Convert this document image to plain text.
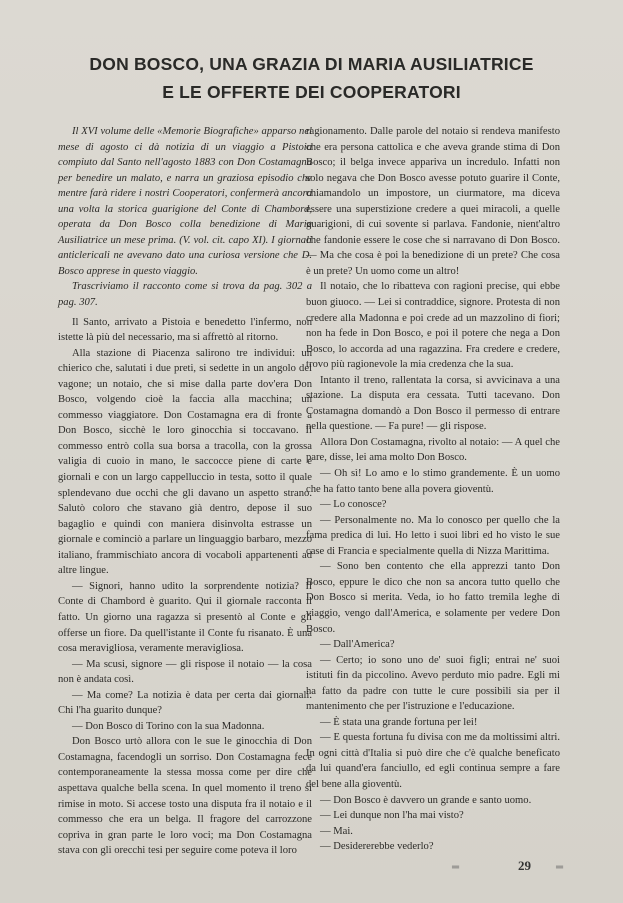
DON BOSCO, UNA GRAZIA DI MARIA AUSILIATRICE
E LE OFFERTE DEI COOPERATORI

Il XVI volume delle «Memorie Biografiche» apparso nel mese di agosto ci dà notizia di un viaggio a Pistoia compiuto dal Santo nell'agosto 1883 con Don Costamagna per benedire un malato, e narra un graziosa episodio che mentre farà ridere i nostri Cooperatori, confermerà ancora una volta la storica guarigione del Conte di Chambord, operata da Don Bosco colla benedizione di Maria Ausiliatrice un mese prima. (V. vol. cit. capo XI). I giornali anticlericali ne avevano dato una curiosa versione che D. Bosco apprese in questo viaggio.

Trascriviamo il racconto come si trova da pag. 302 a pag. 307.

Il Santo, arrivato a Pistoia e benedetto l'infermo, non istette là più del necessario, ma si affrettò al ritorno.

Alla stazione di Piacenza salirono tre individui: un chierico che, salutati i due preti, si sedette in un angolo del vagone; un notaio, che si mise dalla parte dov'era Don Bosco, volgendo cioè la faccia alla macchina; un commesso viaggiatore. Don Costamagna era di fronte a Don Bosco, sicchè le loro ginocchia si toccavano. Il commesso entrò colla sua borsa a tracolla, con la grossa valigia di cuoio in mano, le saccocce piene di carte e giornali e con un largo cappelluccio in testa, sotto il quale splendevano due occhi che gli davano un aspetto strano. Salutò coloro che stavano già dentro, depose il suo bagaglio e quindi con maniera disinvolta estrasse un giornale e cominciò a parlare un linguaggio barbaro, mezzo italiano, frammischiato ancora di vocaboli appartenenti ad altre lingue.

— Signori, hanno udito la sorprendente notizia? Il Conte di Chambord è guarito. Qui il giornale racconta il fatto. Un giorno una ragazza si presentò al Conte e gli offerse un fiore. Da quell'istante il Conte fu risanato. È una cosa meravigliosa, veramente meravigliosa.

— Ma scusi, signore — gli rispose il notaio — la cosa non è andata così.

— Ma come? La notizia è data per certa dai giornali. Chi l'ha guarito dunque?

— Don Bosco di Torino con la sua Madonna.

Don Bosco urtò allora con le sue le ginocchia di Don Costamagna, facendogli un sorriso. Don Costamagna fece contemporaneamente la stessa mossa come per dire che aspettava qualche bella scena. In quel momento il treno si rimise in moto. Si accese tosto una disputa fra il notaio e il commesso che era un belga. Il fragore del carrozzone copriva in gran parte le loro voci; ma Don Costamagna stava con gli orecchi tesi per seguire come poteva il loro

ragionamento. Dalle parole del notaio si rendeva manifesto che era persona cattolica e che aveva grande stima di Don Bosco; il belga invece appariva un incredulo. Infatti non solo negava che Don Bosco avesse potuto guarire il Conte, chiamandolo un impostore, un ciurmatore, ma diceva essere una superstizione credere a quei miracoli, a quelle guarigioni, di cui sovente si parlava. Fandonie, nient'altro che fandonie essere le cose che si narravano di Don Bosco. — Ma che cosa è poi la benedizione di un prete? Che cosa è un prete? Un uomo come un altro!

Il notaio, che lo ribatteva con ragioni precise, qui ebbe buon giuoco. — Lei si contraddice, signore. Protesta di non credere alla Madonna e poi crede ad un mazzolino di fiori; non ha fede in Don Bosco, e poi il potere che nega a Don Bosco, lo accorda ad una ragazzina. Fra credere e credere, trovo più ragionevole la mia credenza che la sua.

Intanto il treno, rallentata la corsa, si avvicinava a una stazione. La disputa era cessata. Tutti tacevano. Don Costamagna domandò a Don Bosco il permesso di entrare nella questione. — Fa pure! — gli rispose.

Allora Don Costamagna, rivolto al notaio: — A quel che pare, disse, lei ama molto Don Bosco.

— Oh sì! Lo amo e lo stimo grandemente. È un uomo che ha fatto tanto bene alla povera gioventù.

— Lo conosce?

— Personalmente no. Ma lo conosco per quello che la fama predica di lui. Ho letto i suoi libri ed ho visto le sue case di Francia e specialmente quella di Nizza Marittima.

— Sono ben contento che ella apprezzi tanto Don Bosco, eppure le dico che non sa ancora tutto quello che Don Bosco si merita. Veda, io ho fatto tremila leghe di viaggio, vengo dall'America, e solamente per vedere Don Bosco.

— Dall'America?

— Certo; io sono uno de' suoi figli; entrai ne' suoi istituti fin da piccolino. Avevo perduto mio padre. Egli mi ha fatto da padre con tutte le cure possibili sia per il mantenimento che per l'istruzione e l'educazione.

— È stata una grande fortuna per lei!

— E questa fortuna fu divisa con me da moltissimi altri. In ogni città d'Italia si può dire che c'è qualche beneficato da lui quand'era fanciullo, ed egli continua sempre a fare del bene alla gioventù.

— Don Bosco è davvero un grande e santo uomo.

— Lei dunque non l'ha mai visto?

— Mai.

— Desidererebbe vederlo?

═	═
29
